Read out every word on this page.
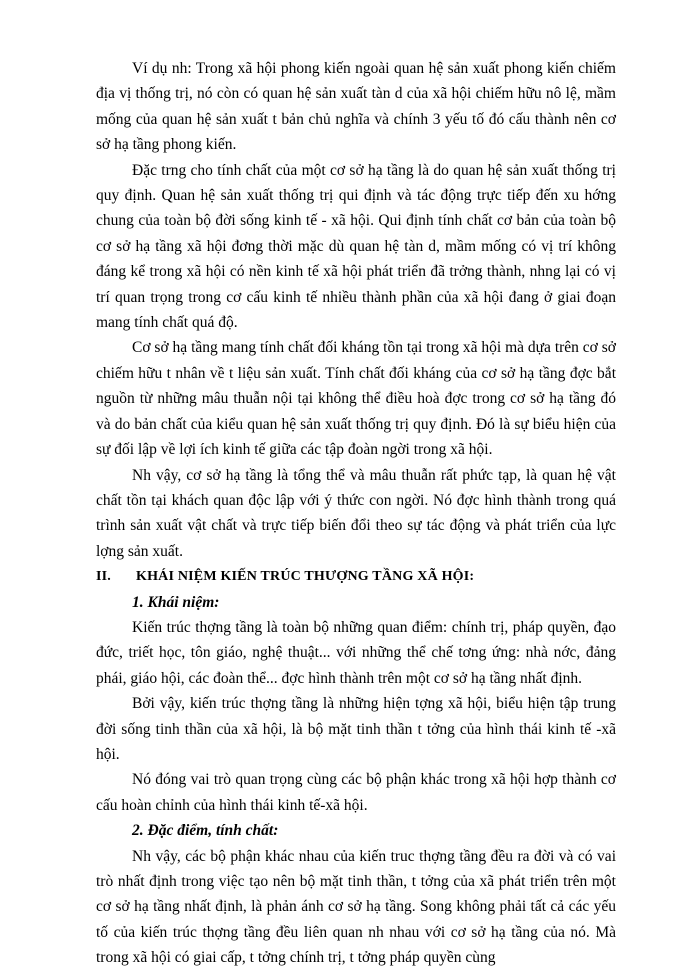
Ví dụ nh: Trong xã hội phong kiến ngoài quan hệ sản xuất phong kiến chiếm địa vị thống trị, nó còn có quan hệ sản xuất tàn d của xã hội chiếm hữu nô lệ, mầm mống của quan hệ sản xuất t bản chủ nghĩa và chính 3 yếu tố đó cấu thành nên cơ sở hạ tầng phong kiến.

Đặc trng cho tính chất của một cơ sở hạ tầng là do quan hệ sản xuất thống trị quy định. Quan hệ sản xuất thống trị qui định và tác động trực tiếp đến xu hớng chung của toàn bộ đời sống kinh tế - xã hội. Qui định tính chất cơ bản của toàn bộ cơ sở hạ tầng xã hội đơng thời mặc dù quan hệ tàn d, mầm mống có vị trí không đáng kể trong xã hội có nền kinh tế xã hội phát triển đã trởng thành, nhng lại có vị trí quan trọng trong cơ cấu kinh tế nhiều thành phần của xã hội đang ở giai đoạn mang tính chất quá độ.

Cơ sở hạ tầng mang tính chất đối kháng tồn tại trong xã hội mà dựa trên cơ sở chiếm hữu t nhân về t liệu sản xuất. Tính chất đối kháng của cơ sở hạ tầng đợc bắt nguồn từ những mâu thuẫn nội tại không thể điều hoà đợc trong cơ sở hạ tầng đó và do bản chất của kiểu quan hệ sản xuất thống trị quy định. Đó là sự biểu hiện của sự đối lập về lợi ích kinh tế giữa các tập đoàn ngời trong xã hội.

Nh vậy, cơ sở hạ tầng là tổng thể và mâu thuẫn rất phức tạp, là quan hệ vật chất tồn tại khách quan độc lập với ý thức con ngời. Nó đợc hình thành trong quá trình sản xuất vật chất và trực tiếp biến đổi theo sự tác động và phát triển của lực lợng sản xuất.

II. KHÁI NIỆM KIẾN TRÚC THƯỢNG TẦNG XÃ HỘI:

1. Khái niệm:

Kiến trúc thợng tầng là toàn bộ những quan điểm: chính trị, pháp quyền, đạo đức, triết học, tôn giáo, nghệ thuật... với những thể chế tơng ứng: nhà nớc, đảng phái, giáo hội, các đoàn thể... đợc hình thành trên một cơ sở hạ tầng nhất định.

Bởi vậy, kiến trúc thợng tầng là những hiện tợng xã hội, biểu hiện tập trung đời sống tinh thần của xã hội, là bộ mặt tinh thần t tởng của hình thái kinh tế -xã hội.

Nó đóng vai trò quan trọng cùng các bộ phận khác trong xã hội hợp thành cơ cấu hoàn chỉnh của hình thái kinh tế-xã hội.

2. Đặc điểm, tính chất:

Nh vậy, các bộ phận khác nhau của kiến truc thợng tầng đều ra đời và có vai trò nhất định trong việc tạo nên bộ mặt tinh thần, t tởng của xã phát triển trên một cơ sở hạ tầng nhất định, là phản ánh cơ sở hạ tầng. Song không phải tất cả các yếu tố của kiến trúc thợng tầng đều liên quan nh nhau với cơ sở hạ tầng của nó. Mà trong xã hội có giai cấp, t tởng chính trị, t tởng pháp quyền cùng
